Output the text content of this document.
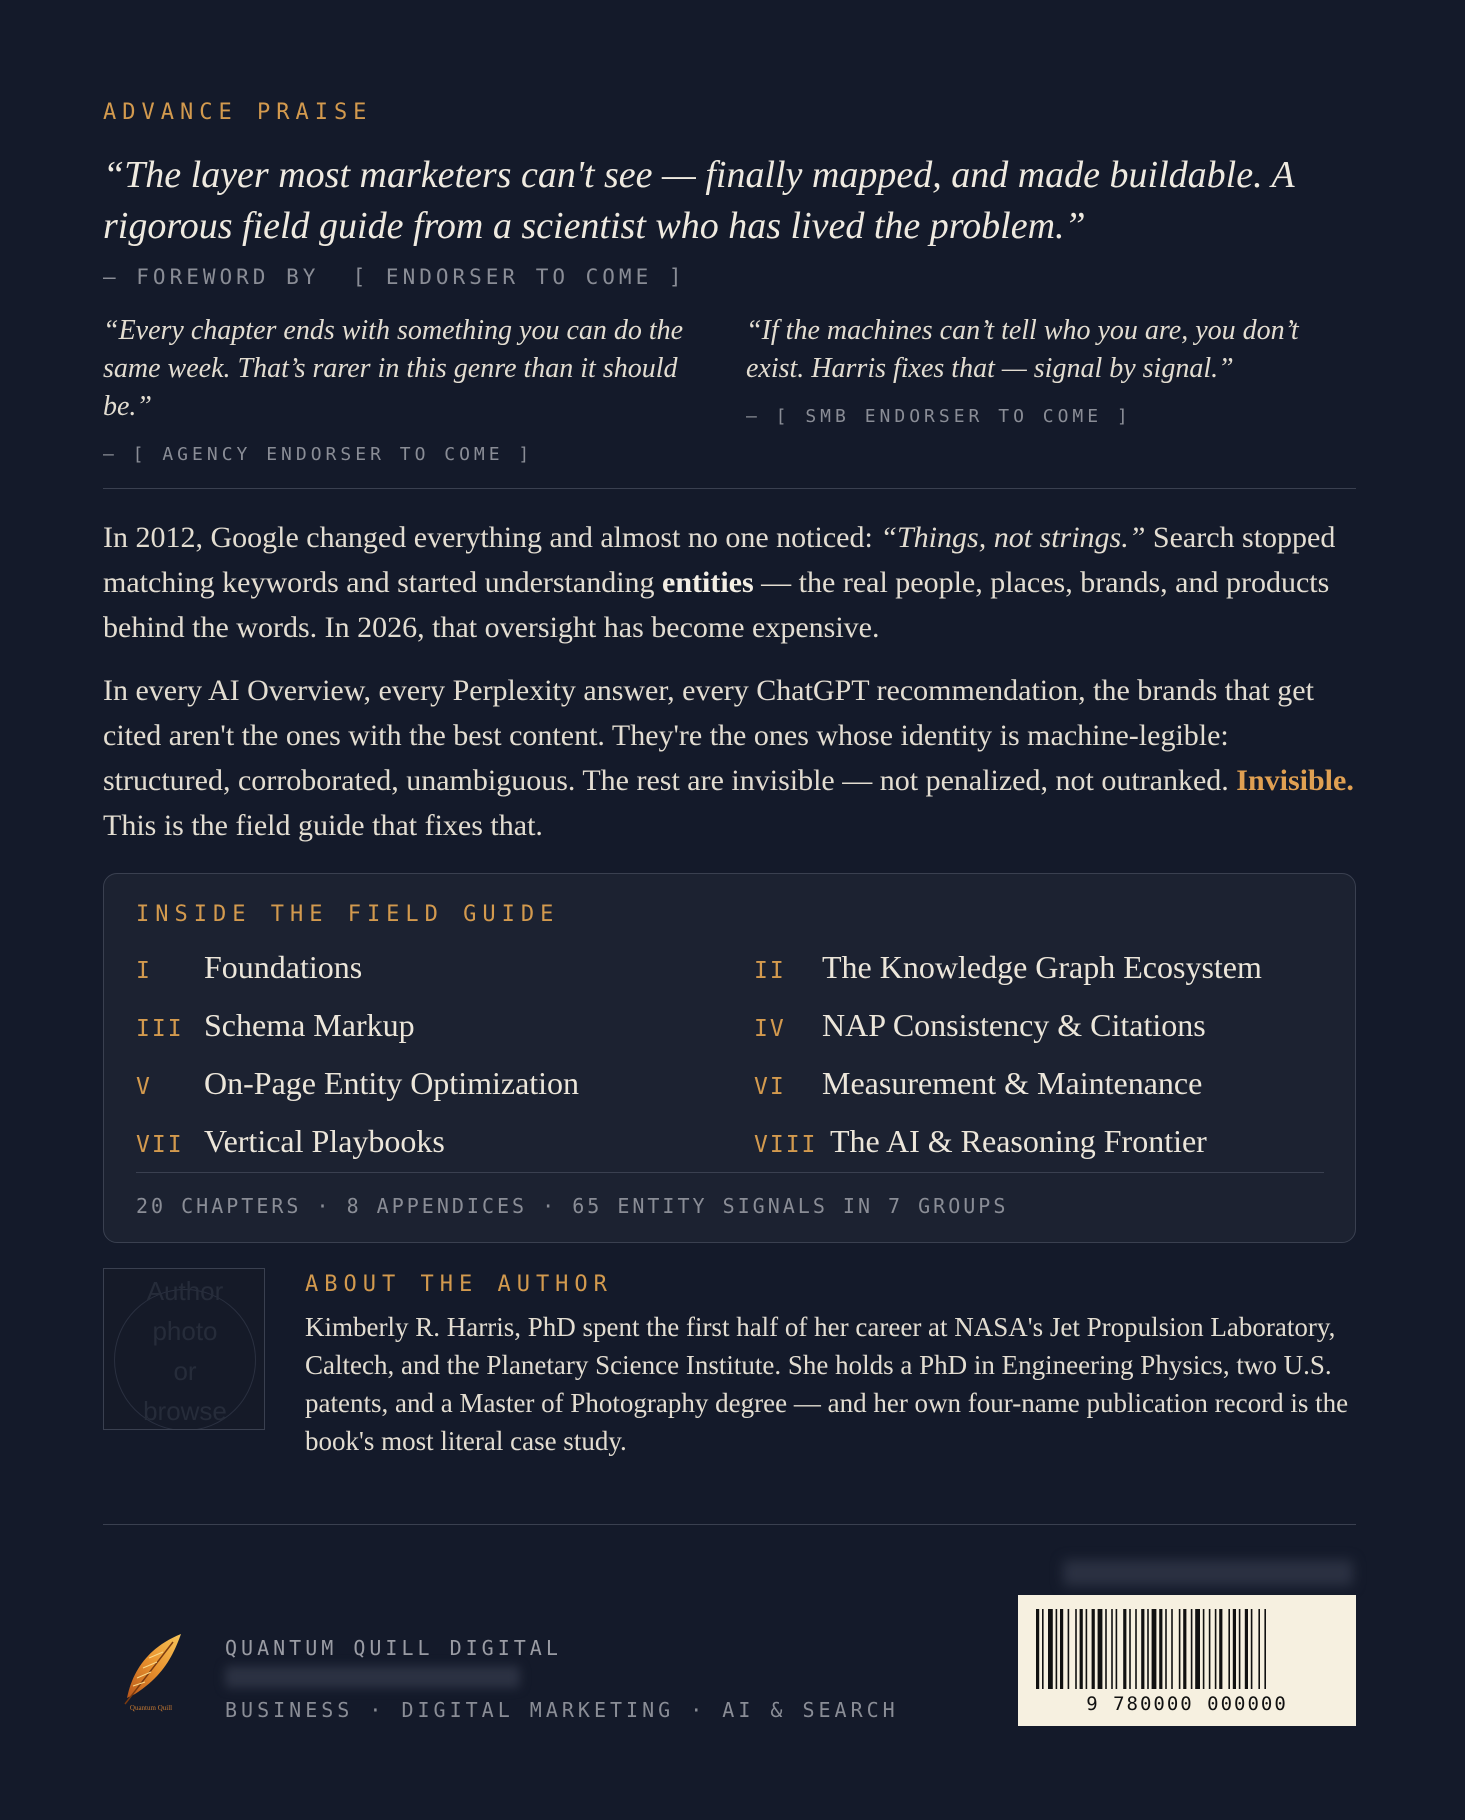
ADVANCE PRAISE
“The layer most marketers can't see — finally mapped, and made buildable. A rigorous field guide from a scientist who has lived the problem.”
— FOREWORD BY  [ ENDORSER TO COME ]
“Every chapter ends with something you can do the same week. That’s rarer in this genre than it should be.”
— [ AGENCY ENDORSER TO COME ]
“If the machines can’t tell who you are, you don’t exist. Harris fixes that — signal by signal.”
— [ SMB ENDORSER TO COME ]

In 2012, Google changed everything and almost no one noticed: “Things, not strings.” Search stopped matching keywords and started understanding entities — the real people, places, brands, and products behind the words. In 2026, that oversight has become expensive.

In every AI Overview, every Perplexity answer, every ChatGPT recommendation, the brands that get cited aren't the ones with the best content. They're the ones whose identity is machine-legible: structured, corroborated, unambiguous. The rest are invisible — not penalized, not outranked. Invisible. This is the field guide that fixes that.

INSIDE THE FIELD GUIDE
I	Foundations	II	The Knowledge Graph Ecosystem
III Schema Markup	IV	NAP Consistency & Citations
V	On-Page Entity Optimization	VI	Measurement & Maintenance
VII Vertical Playbooks	VIII The AI & Reasoning Frontier
20 CHAPTERS · 8 APPENDICES · 65 ENTITY SIGNALS IN 7 GROUPS
Author
photo
or
browse
ABOUT THE AUTHOR
Kimberly R. Harris, PhD spent the first half of her career at NASA's Jet Propulsion Laboratory, Caltech, and the Planetary Science Institute. She holds a PhD in Engineering Physics, two U.S. patents, and a Master of Photography degree — and her own four-name publication record is the book's most literal case study.
Quantum Quill
QUANTUM QUILL DIGITAL
BUSINESS · DIGITAL MARKETING · AI & SEARCH	9 780000 000000
